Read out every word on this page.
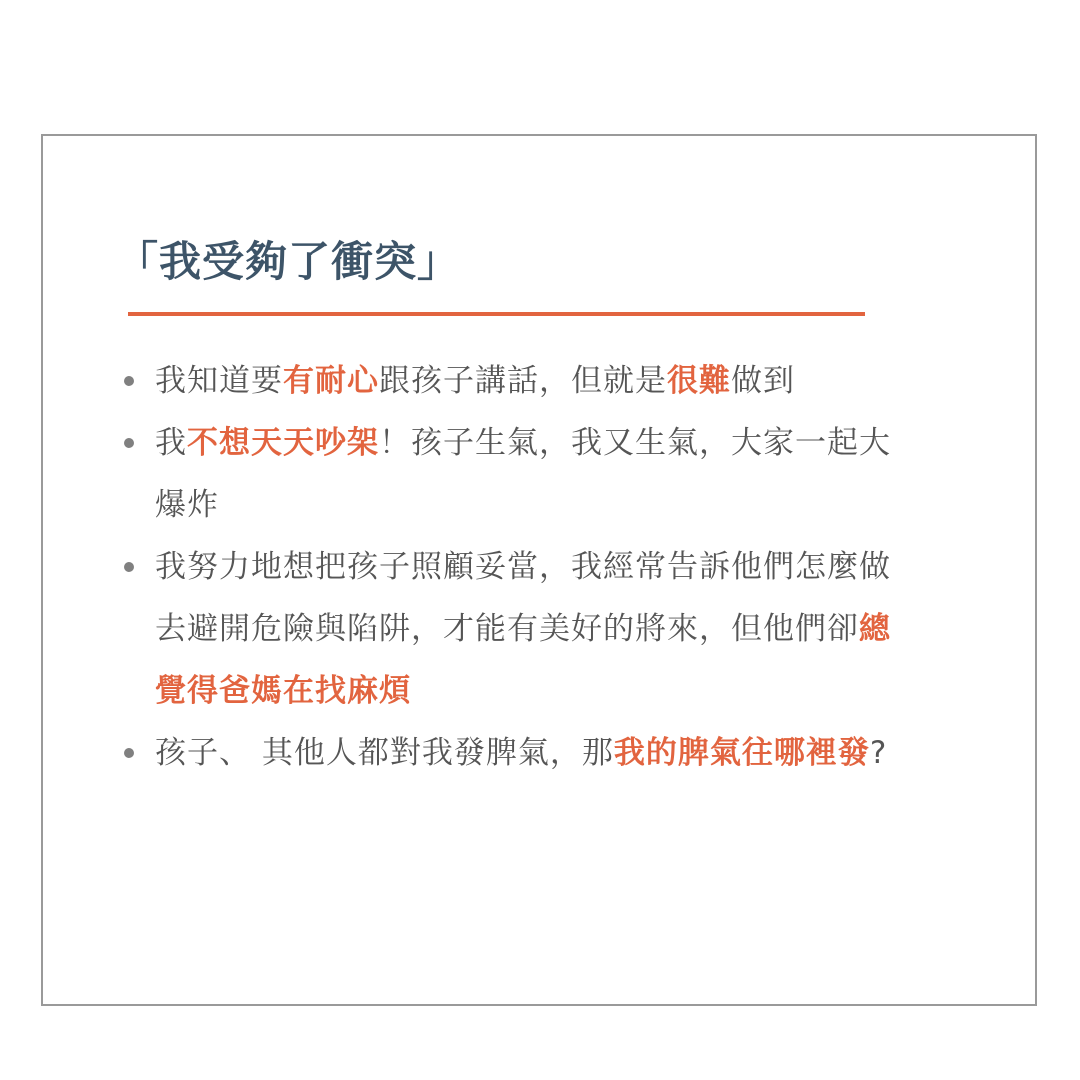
「我受夠了衝突」
我知道要有耐心跟孩子講話，但就是很難做到
我不想天天吵架！孩子生氣，我又生氣，大家一起大爆炸
我努力地想把孩子照顧妥當，我經常告訴他們怎麼做去避開危險與陷阱，才能有美好的將來，但他們卻總覺得爸媽在找麻煩
孩子、 其他人都對我發脾氣，那我的脾氣往哪裡發?
